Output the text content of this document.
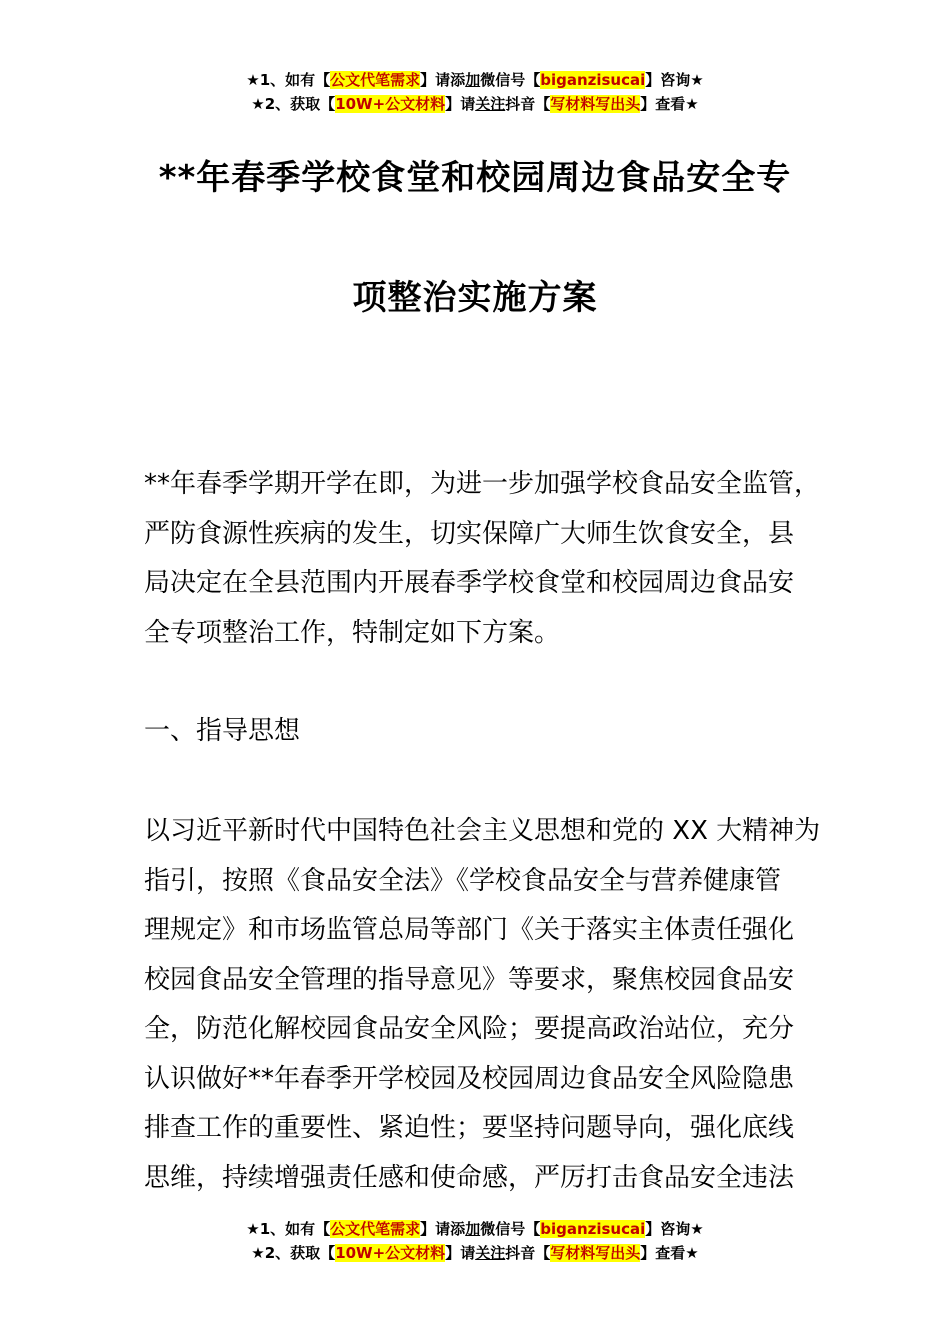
★1、如有【公文代笔需求】请添加微信号【biganzisucai】咨询★
★2、获取【10W+公文材料】请关注抖音【写材料写出头】查看★
**年春季学校食堂和校园周边食品安全专
项整治实施方案
**年春季学期开学在即，为进一步加强学校食品安全监管，
严防食源性疾病的发生，切实保障广大师生饮食安全，县
局决定在全县范围内开展春季学校食堂和校园周边食品安
全专项整治工作，特制定如下方案。
一、指导思想
以习近平新时代中国特色社会主义思想和党的 XX 大精神为
指引，按照《食品安全法》《学校食品安全与营养健康管
理规定》和市场监管总局等部门《关于落实主体责任强化
校园食品安全管理的指导意见》等要求，聚焦校园食品安
全，防范化解校园食品安全风险；要提高政治站位，充分
认识做好**年春季开学校园及校园周边食品安全风险隐患
排查工作的重要性、紧迫性；要坚持问题导向，强化底线
思维，持续增强责任感和使命感，严厉打击食品安全违法
★1、如有【公文代笔需求】请添加微信号【biganzisucai】咨询★
★2、获取【10W+公文材料】请关注抖音【写材料写出头】查看★
